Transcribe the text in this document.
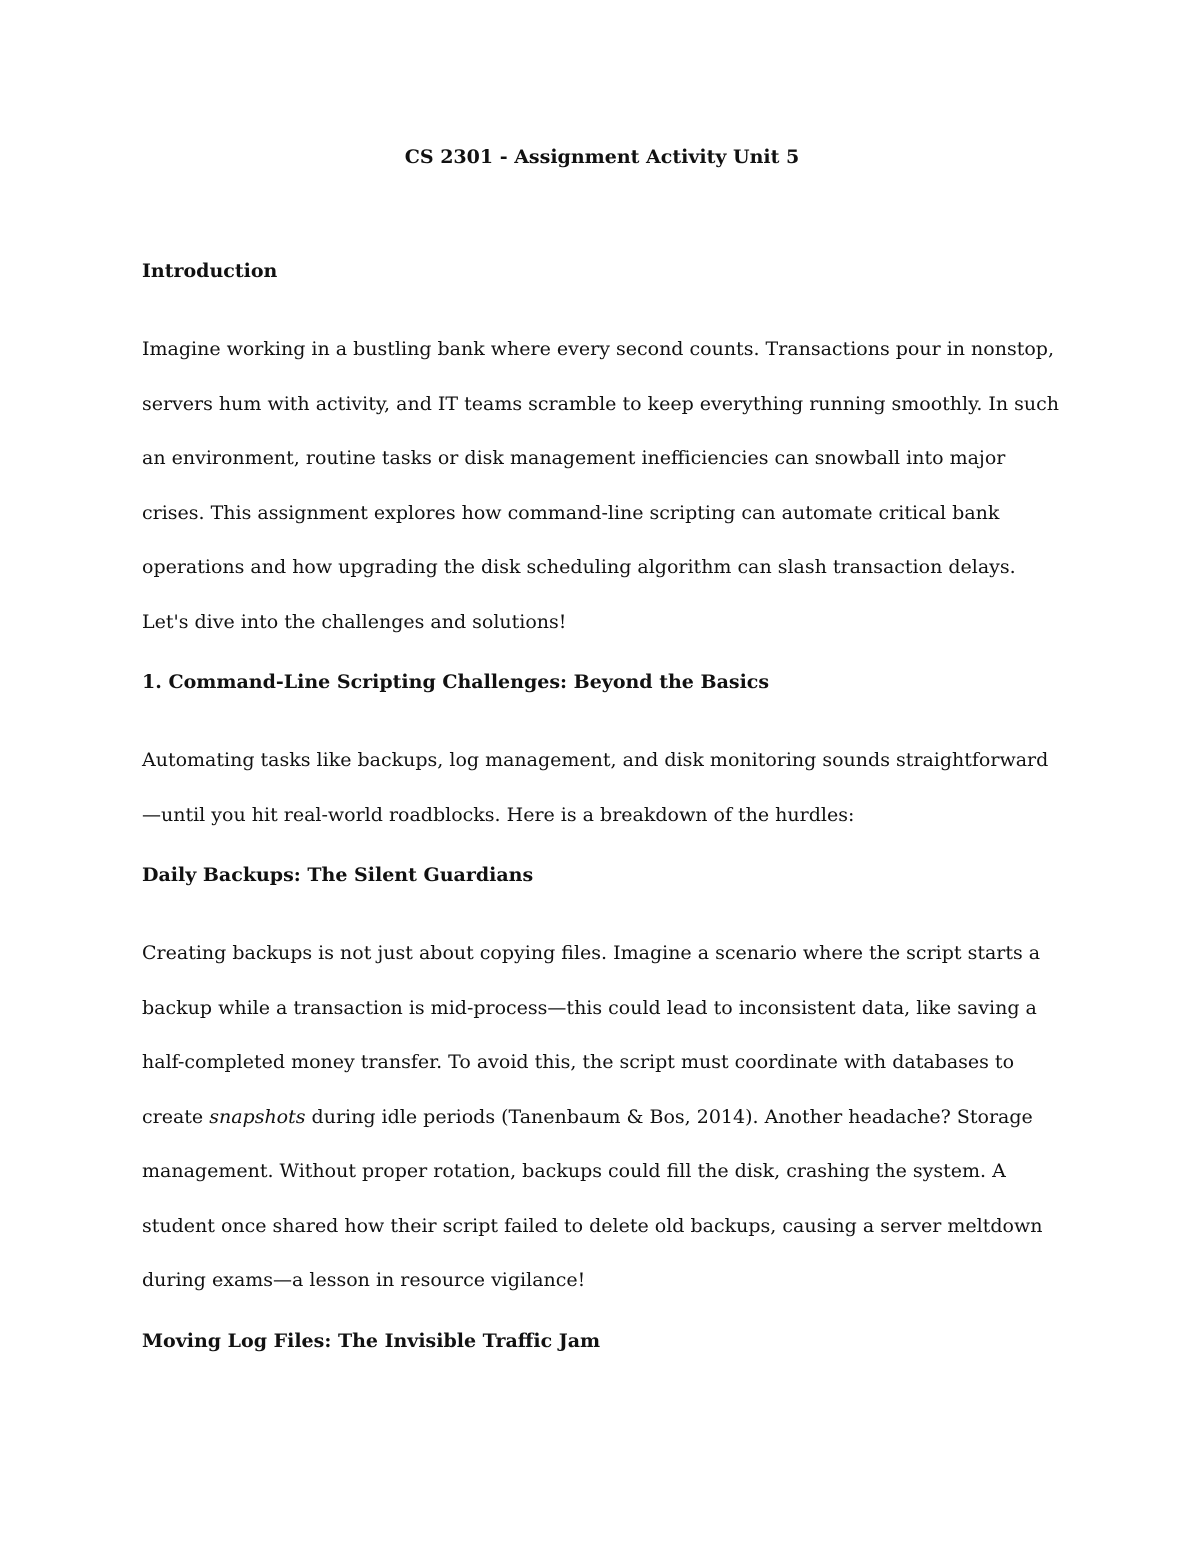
CS 2301 - Assignment Activity Unit 5
Introduction

Imagine working in a bustling bank where every second counts. Transactions pour in nonstop, servers hum with activity, and IT teams scramble to keep everything running smoothly. In such an environment, routine tasks or disk management inefficiencies can snowball into major crises. This assignment explores how command-line scripting can automate critical bank operations and how upgrading the disk scheduling algorithm can slash transaction delays. Let's dive into the challenges and solutions!

1. Command-Line Scripting Challenges: Beyond the Basics

Automating tasks like backups, log management, and disk monitoring sounds straightforward—until you hit real-world roadblocks. Here is a breakdown of the hurdles:

Daily Backups: The Silent Guardians

Creating backups is not just about copying files. Imagine a scenario where the script starts a backup while a transaction is mid-process—this could lead to inconsistent data, like saving a half-completed money transfer. To avoid this, the script must coordinate with databases to create snapshots during idle periods (Tanenbaum & Bos, 2014). Another headache? Storage management. Without proper rotation, backups could fill the disk, crashing the system. A student once shared how their script failed to delete old backups, causing a server meltdown during exams—a lesson in resource vigilance!

Moving Log Files: The Invisible Traffic Jam
